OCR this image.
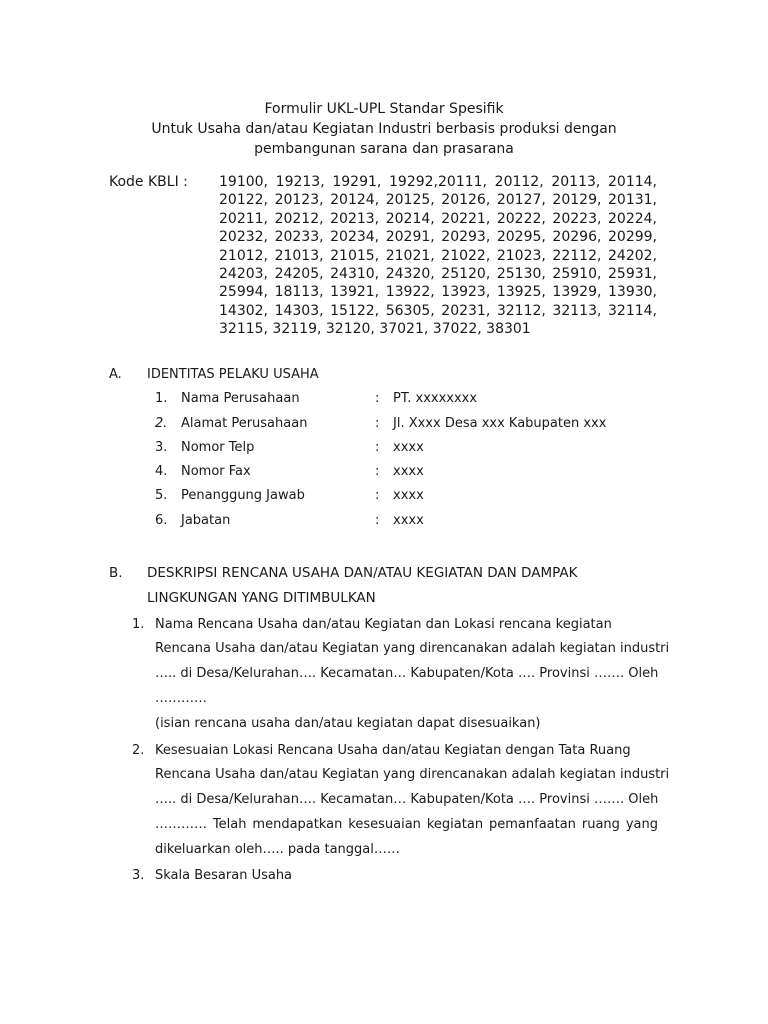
Formulir UKL-UPL Standar Spesifik
Untuk Usaha dan/atau Kegiatan Industri berbasis produksi dengan
pembangunan sarana dan prasarana
Kode KBLI : 19100, 19213, 19291, 19292,20111, 20112, 20113, 20114,
20122, 20123, 20124, 20125, 20126, 20127, 20129, 20131,
20211, 20212, 20213, 20214, 20221, 20222, 20223, 20224,
20232, 20233, 20234, 20291, 20293, 20295, 20296, 20299,
21012, 21013, 21015, 21021, 21022, 21023, 22112, 24202,
24203, 24205, 24310, 24320, 25120, 25130, 25910, 25931,
25994, 18113, 13921, 13922, 13923, 13925, 13929, 13930,
14302, 14303, 15122, 56305, 20231, 32112, 32113, 32114,
32115, 32119, 32120, 37021, 37022, 38301
A. IDENTITAS PELAKU USAHA
1. Nama Perusahaan	: PT. xxxxxxxx
2. Alamat Perusahaan	: Jl. Xxxx Desa xxx Kabupaten xxx
3. Nomor Telp	: xxxx
4. Nomor Fax	: xxxx
5. Penanggung Jawab	: xxxx
6. Jabatan	: xxxx
B. DESKRIPSI RENCANA USAHA DAN/ATAU KEGIATAN DAN DAMPAK
LINGKUNGAN YANG DITIMBULKAN
1. Nama Rencana Usaha dan/atau Kegiatan dan Lokasi rencana kegiatan
Rencana Usaha dan/atau Kegiatan yang direncanakan adalah kegiatan industri
….. di Desa/Kelurahan…. Kecamatan… Kabupaten/Kota …. Provinsi ……. Oleh
…………
(isian rencana usaha dan/atau kegiatan dapat disesuaikan)
2. Kesesuaian Lokasi Rencana Usaha dan/atau Kegiatan dengan Tata Ruang
Rencana Usaha dan/atau Kegiatan yang direncanakan adalah kegiatan industri
….. di Desa/Kelurahan…. Kecamatan… Kabupaten/Kota …. Provinsi ……. Oleh
………… Telah mendapatkan kesesuaian kegiatan pemanfaatan ruang yang
dikeluarkan oleh….. pada tanggal……
3. Skala Besaran Usaha
